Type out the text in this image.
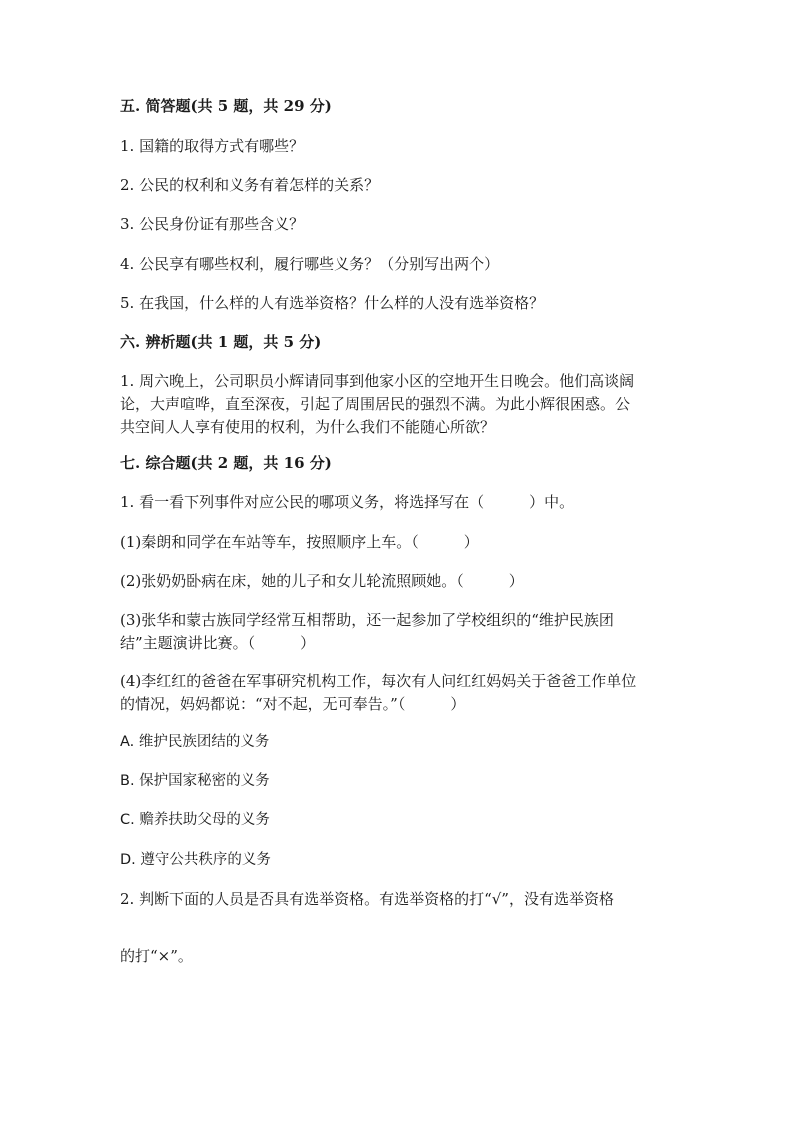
五. 简答题(共 5 题，共 29 分)
1. 国籍的取得方式有哪些？
2. 公民的权利和义务有着怎样的关系？
3. 公民身份证有那些含义？
4. 公民享有哪些权利，履行哪些义务？（分别写出两个）
5. 在我国，什么样的人有选举资格？什么样的人没有选举资格？
六. 辨析题(共 1 题，共 5 分)
1. 周六晚上，公司职员小辉请同事到他家小区的空地开生日晚会。他们高谈阔
论，大声喧哗，直至深夜，引起了周围居民的强烈不满。为此小辉很困惑。公
共空间人人享有使用的权利，为什么我们不能随心所欲？
七. 综合题(共 2 题，共 16 分)
1. 看一看下列事件对应公民的哪项义务，将选择写在（　　　）中。
(1)秦朗和同学在车站等车，按照顺序上车。（　　　）
(2)张奶奶卧病在床，她的儿子和女儿轮流照顾她。（　　　）
(3)张华和蒙古族同学经常互相帮助，还一起参加了学校组织的“维护民族团
结”主题演讲比赛。（　　　）
(4)李红红的爸爸在军事研究机构工作，每次有人问红红妈妈关于爸爸工作单位
的情况，妈妈都说：“对不起，无可奉告。”（　　　）
A. 维护民族团结的义务
B. 保护国家秘密的义务
C. 赡养扶助父母的义务
D. 遵守公共秩序的义务
2. 判断下面的人员是否具有选举资格。有选举资格的打“√”，没有选举资格
的打“×”。
